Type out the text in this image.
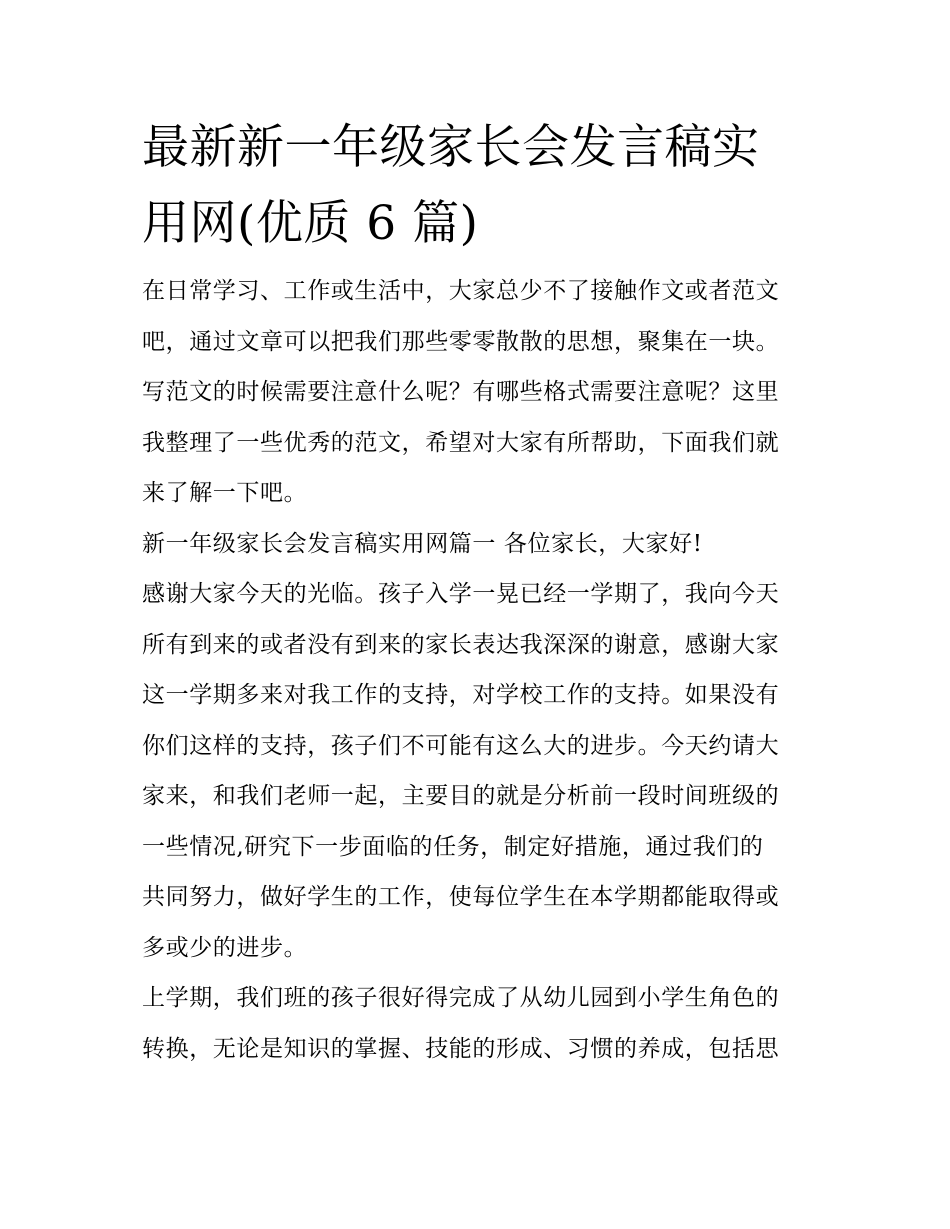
最新新一年级家长会发言稿实
用网(优质 6 篇)
在日常学习、工作或生活中，大家总少不了接触作文或者范文
吧，通过文章可以把我们那些零零散散的思想，聚集在一块。
写范文的时候需要注意什么呢？有哪些格式需要注意呢？这里
我整理了一些优秀的范文，希望对大家有所帮助，下面我们就
来了解一下吧。
新一年级家长会发言稿实用网篇一 各位家长，大家好!
感谢大家今天的光临。孩子入学一晃已经一学期了，我向今天
所有到来的或者没有到来的家长表达我深深的谢意，感谢大家
这一学期多来对我工作的支持，对学校工作的支持。如果没有
你们这样的支持，孩子们不可能有这么大的进步。今天约请大
家来，和我们老师一起，主要目的就是分析前一段时间班级的
一些情况,研究下一步面临的任务，制定好措施，通过我们的
共同努力，做好学生的工作，使每位学生在本学期都能取得或
多或少的进步。
上学期，我们班的孩子很好得完成了从幼儿园到小学生角色的
转换，无论是知识的掌握、技能的形成、习惯的养成，包括思
